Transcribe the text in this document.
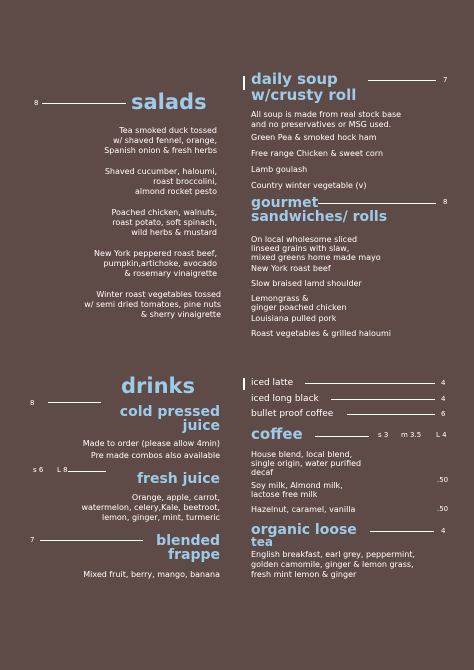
8	salads
Tea smoked duck tossed
w/ shaved fennel, orange,
Spanish onion & fresh herbs
Shaved cucumber, haloumi,
roast broccolini,
almond rocket pesto
Poached chicken, walnuts,
roast potato, soft spinach,
wild herbs & mustard
New York peppered roast beef,
pumpkin,artichoke, avocado
& rosemary vinaigrette
Winter roast vegetables tossed
w/ semi dried tomatoes, pine nuts
& sherry vinaigrette
daily soup	7
w/crusty roll
All soup is made from real stock base
and no preservatives or MSG used.
Green Pea & smoked hock ham
Free range Chicken & sweet corn
Lamb goulash
Country winter vegetable (v)
gourmet	8
sandwiches/ rolls
On local wholesome sliced
linseed grains with slaw,
mixed greens home made mayo
New York roast beef
Slow braised lamd shoulder
Lemongrass &
ginger poached chicken
Louisiana pulled pork
Roast vegetables & grilled haloumi
drinks
8
cold pressed
juice
Made to order (please allow 4min)
Pre made combos also available
s 6 L 8
fresh juice
Orange, apple, carrot,
watermelon, celery,Kale, beetroot,
lemon, ginger, mint, turmeric
7	blended
frappe
Mixed fruit, berry, mango, banana
iced latte	4
iced long black	4
bullet proof coffee	6
coffee	s 3 m 3.5 L 4
House blend, local blend,
single origin, water purified
decaf
Soy milk, Almond milk,
lactose free milk
.50
Hazelnut, caramel, vanilla	.50
organic loose	4
tea
English breakfast, earl grey, peppermint,
golden camomile, ginger & lemon grass,
fresh mint lemon & ginger
